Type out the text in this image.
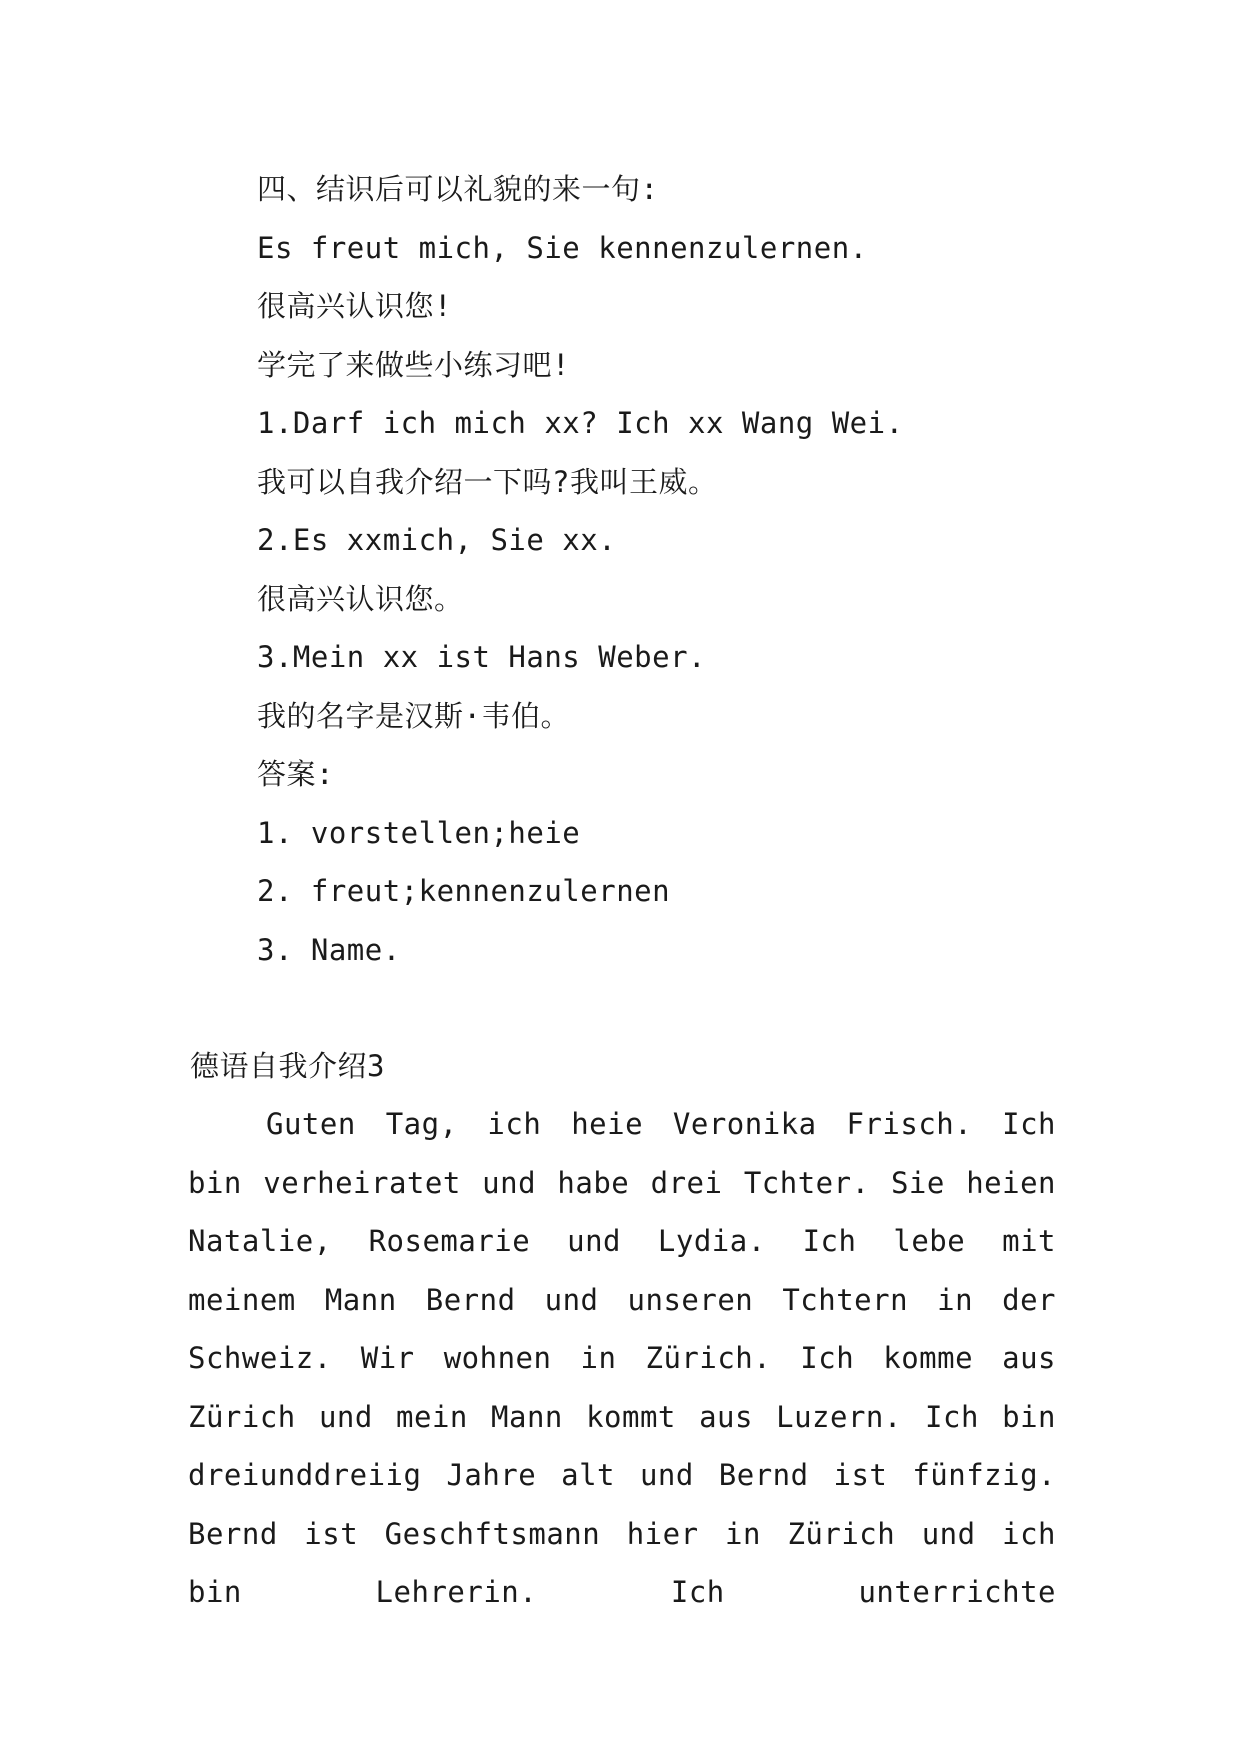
四、结识后可以礼貌的来一句:
Es freut mich, Sie kennenzulernen.
很高兴认识您!
学完了来做些小练习吧!
1.Darf ich mich xx? Ich xx Wang Wei.
我可以自我介绍一下吗?我叫王威。
2.Es xxmich, Sie xx.
很高兴认识您。
3.Mein xx ist Hans Weber.
我的名字是汉斯·韦伯。
答案:
1. vorstellen;heie
2. freut;kennenzulernen
3. Name.
德语自我介绍3
Guten Tag, ich heie Veronika Frisch. Ich bin verheiratet und habe drei Tchter. Sie heien Natalie, Rosemarie und Lydia. Ich lebe mit meinem Mann Bernd und unseren Tchtern in der Schweiz. Wir wohnen in Zürich. Ich komme aus Zürich und mein Mann kommt aus Luzern. Ich bin dreiunddreiig Jahre alt und Bernd ist fünfzig. Bernd ist Geschftsmann hier in Zürich und ich bin Lehrerin. Ich unterrichte
